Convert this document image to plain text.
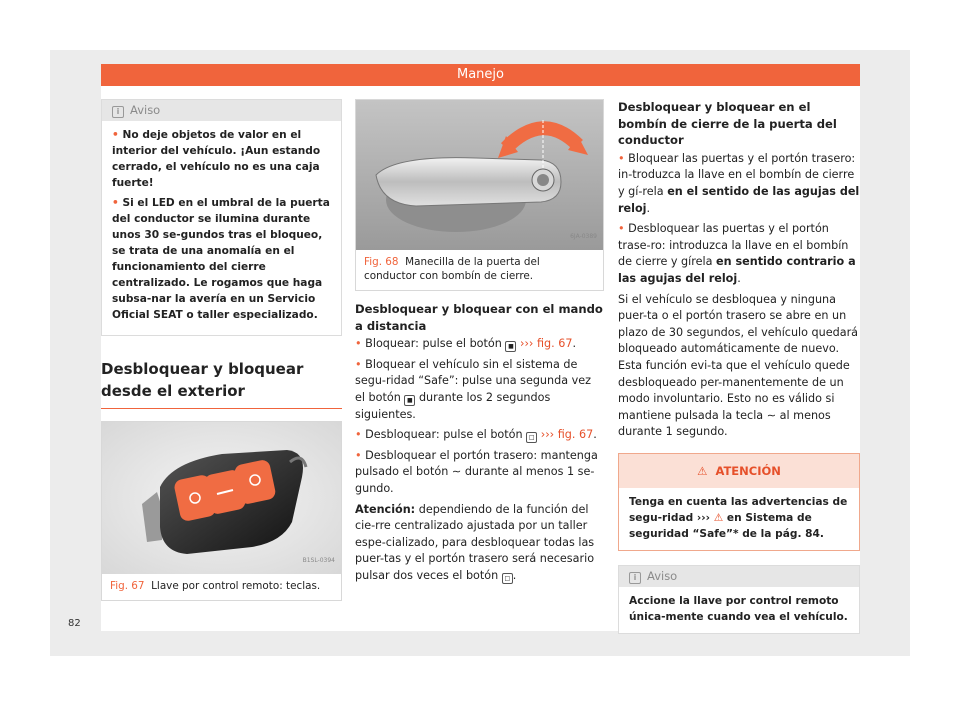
Manejo
i Aviso

• No deje objetos de valor en el interior del vehículo. ¡Aun estando cerrado, el vehículo no es una caja fuerte!

• Si el LED en el umbral de la puerta del conductor se ilumina durante unos 30 se-gundos tras el bloqueo, se trata de una anomalía en el funcionamiento del cierre centralizado. Le rogamos que haga subsa-nar la avería en un Servicio Oficial SEAT o taller especializado.

Desbloquear y bloquear desde el exterior
B1SL-0394
Fig. 67 Llave por control remoto: teclas.
6JA-0389
Fig. 68 Manecilla de la puerta del conductor con bombín de cierre.
Desbloquear y bloquear con el mando a distancia

• Bloquear: pulse el botón ■ ››› fig. 67.

• Bloquear el vehículo sin el sistema de segu-ridad “Safe”: pulse una segunda vez el botón ■ durante los 2 segundos siguientes.

• Desbloquear: pulse el botón □ ››› fig. 67.

• Desbloquear el portón trasero: mantenga pulsado el botón ∼ durante al menos 1 se-gundo.

Atención: dependiendo de la función del cie-rre centralizado ajustada por un taller espe-cializado, para desbloquear todas las puer-tas y el portón trasero será necesario pulsar dos veces el botón □ .

Desbloquear y bloquear en el bombín de cierre de la puerta del conductor

• Bloquear las puertas y el portón trasero: in-troduzca la llave en el bombín de cierre y gí-rela en el sentido de las agujas del reloj.

• Desbloquear las puertas y el portón trase-ro: introduzca la llave en el bombín de cierre y gírela en sentido contrario a las agujas del reloj.

Si el vehículo se desbloquea y ninguna puer-ta o el portón trasero se abre en un plazo de 30 segundos, el vehículo quedará bloqueado automáticamente de nuevo. Esta función evi-ta que el vehículo quede desbloqueado per-manentemente de un modo involuntario. Esto no es válido si mantiene pulsada la tecla ∼ al menos durante 1 segundo.

⚠ ATENCIÓN
Tenga en cuenta las advertencias de segu-ridad ››› ⚠ en Sistema de seguridad “Safe”* de la pág. 84.
i Aviso
Accione la llave por control remoto única-mente cuando vea el vehículo.
82
